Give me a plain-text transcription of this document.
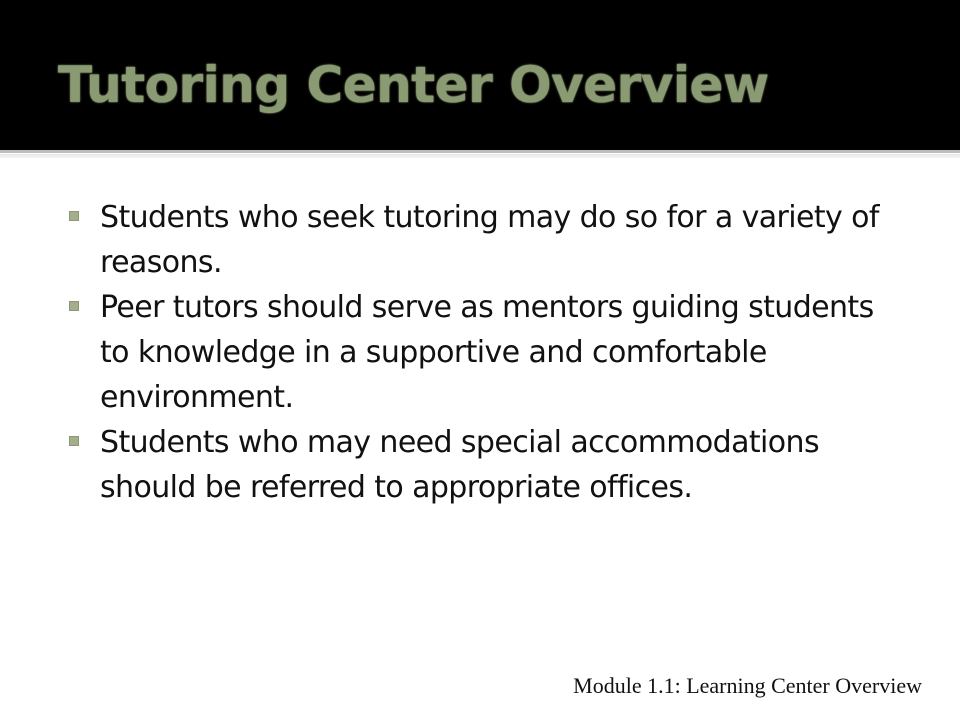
Tutoring Center Overview
Students who seek tutoring may do so for a variety of reasons.
Peer tutors should serve as mentors guiding students to knowledge in a supportive and comfortable environment.
Students who may need special accommodations should be referred to appropriate offices.
Module 1.1: Learning Center Overview
